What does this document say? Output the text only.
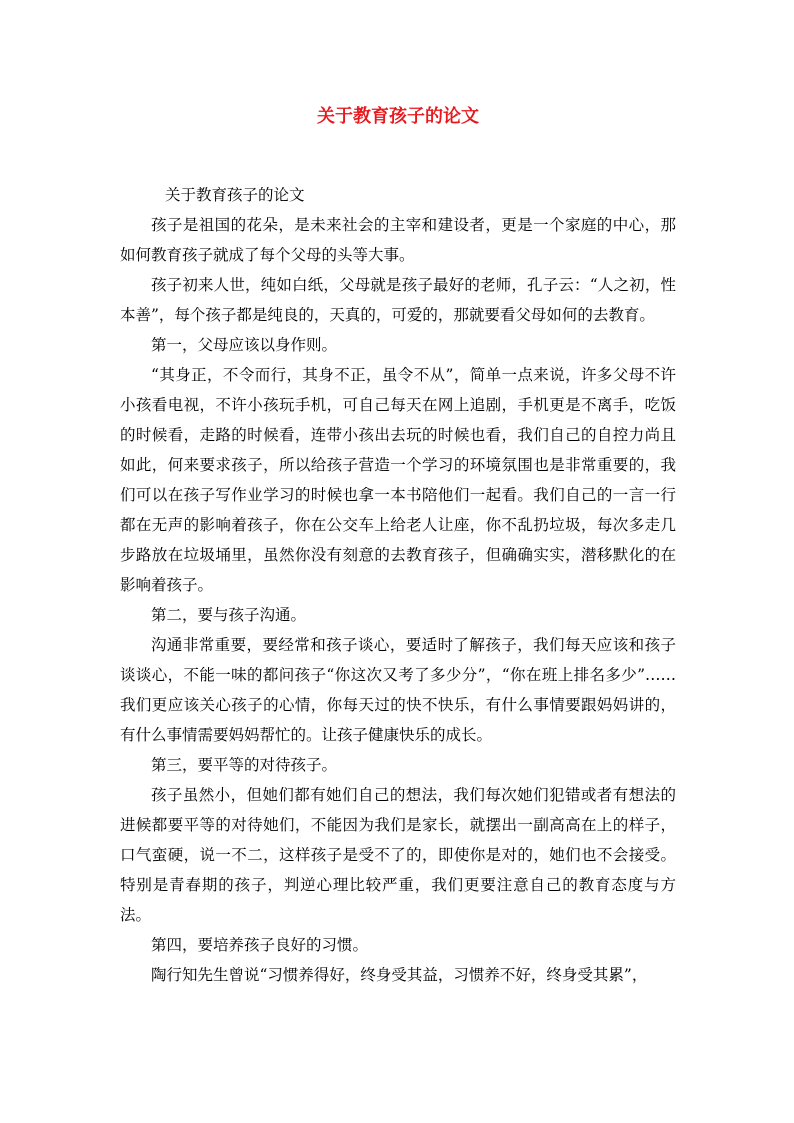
关于教育孩子的论文

关于教育孩子的论文

孩子是祖国的花朵，是未来社会的主宰和建设者，更是一个家庭的中心，那如何教育孩子就成了每个父母的头等大事。

孩子初来人世，纯如白纸，父母就是孩子最好的老师，孔子云：“人之初，性本善”，每个孩子都是纯良的，天真的，可爱的，那就要看父母如何的去教育。

第一，父母应该以身作则。

“其身正，不令而行，其身不正，虽令不从”，简单一点来说，许多父母不许小孩看电视，不许小孩玩手机，可自己每天在网上追剧，手机更是不离手，吃饭的时候看，走路的时候看，连带小孩出去玩的时候也看，我们自己的自控力尚且如此，何来要求孩子，所以给孩子营造一个学习的环境氛围也是非常重要的，我们可以在孩子写作业学习的时候也拿一本书陪他们一起看。我们自己的一言一行都在无声的影响着孩子，你在公交车上给老人让座，你不乱扔垃圾，每次多走几步路放在垃圾埇里，虽然你没有刻意的去教育孩子，但确确实实，潜移默化的在影响着孩子。

第二，要与孩子沟通。

沟通非常重要，要经常和孩子谈心，要适时了解孩子，我们每天应该和孩子谈谈心，不能一味的都问孩子“你这次又考了多少分”，“你在班上排名多少”……我们更应该关心孩子的心情，你每天过的快不快乐，有什么事情要跟妈妈讲的，有什么事情需要妈妈帮忙的。让孩子健康快乐的成长。

第三，要平等的对待孩子。

孩子虽然小，但她们都有她们自己的想法，我们每次她们犯错或者有想法的进候都要平等的对待她们，不能因为我们是家长，就摆出一副高高在上的样子，口气蛮硬，说一不二，这样孩子是受不了的，即使你是对的，她们也不会接受。特别是青春期的孩子，判逆心理比较严重，我们更要注意自己的教育态度与方法。

第四，要培养孩子良好的习惯。

陶行知先生曾说“习惯养得好，终身受其益，习惯养不好，终身受其累”，
